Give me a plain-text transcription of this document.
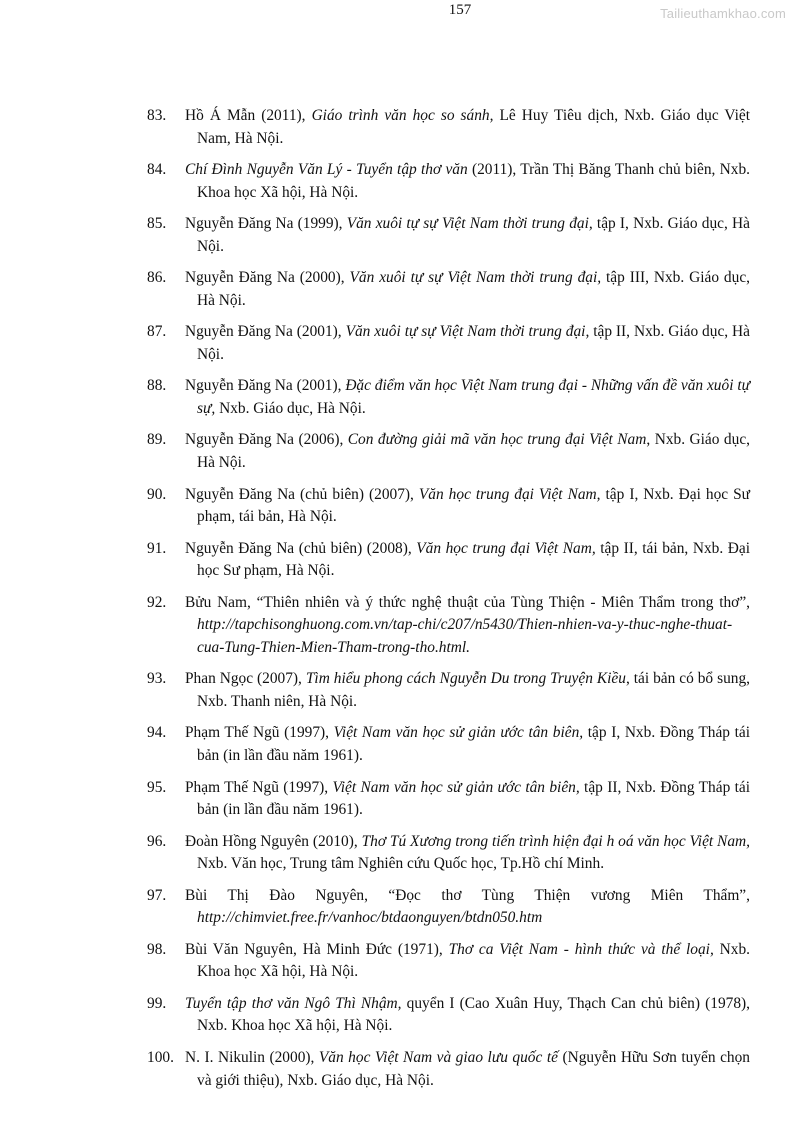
157	Tailieuthamkhao.com
83.	Hồ Á Mẫn (2011), Giáo trình văn học so sánh, Lê Huy Tiêu dịch, Nxb. Giáo dục Việt Nam, Hà Nội.
84.	Chí Đình Nguyễn Văn Lý - Tuyển tập thơ văn (2011), Trần Thị Băng Thanh chủ biên, Nxb. Khoa học Xã hội, Hà Nội.
85.	Nguyễn Đăng Na (1999), Văn xuôi tự sự Việt Nam thời trung đại, tập I, Nxb. Giáo dục, Hà Nội.
86.	Nguyễn Đăng Na (2000), Văn xuôi tự sự Việt Nam thời trung đại, tập III, Nxb. Giáo dục, Hà Nội.
87.	Nguyễn Đăng Na (2001), Văn xuôi tự sự Việt Nam thời trung đại, tập II, Nxb. Giáo dục, Hà Nội.
88.	Nguyễn Đăng Na (2001), Đặc điểm văn học Việt Nam trung đại - Những vấn đề văn xuôi tự sự, Nxb. Giáo dục, Hà Nội.
89.	Nguyễn Đăng Na (2006), Con đường giải mã văn học trung đại Việt Nam, Nxb. Giáo dục, Hà Nội.
90.	Nguyễn Đăng Na (chủ biên) (2007), Văn học trung đại Việt Nam, tập I, Nxb. Đại học Sư phạm, tái bản, Hà Nội.
91.	Nguyễn Đăng Na (chủ biên) (2008), Văn học trung đại Việt Nam, tập II, tái bản, Nxb. Đại học Sư phạm, Hà Nội.
92.	Bửu Nam, “Thiên nhiên và ý thức nghệ thuật của Tùng Thiện - Miên Thẩm trong thơ”, http://tapchisonghuong.com.vn/tap-chi/c207/n5430/Thien-nhien-va-y-thuc-nghe-thuat-cua-Tung-Thien-Mien-Tham-trong-tho.html.
93.	Phan Ngọc (2007), Tìm hiểu phong cách Nguyễn Du trong Truyện Kiều, tái bản có bổ sung, Nxb. Thanh niên, Hà Nội.
94.	Phạm Thế Ngũ (1997), Việt Nam văn học sử giản ước tân biên, tập I, Nxb. Đồng Tháp tái bản (in lần đầu năm 1961).
95.	Phạm Thế Ngũ (1997), Việt Nam văn học sử giản ước tân biên, tập II, Nxb. Đồng Tháp tái bản (in lần đầu năm 1961).
96.	Đoàn Hồng Nguyên (2010), Thơ Tú Xương trong tiến trình hiện đại h oá văn học Việt Nam, Nxb. Văn học, Trung tâm Nghiên cứu Quốc học, Tp.Hồ chí Minh.
97.	Bùi Thị Đào Nguyên, “Đọc thơ Tùng Thiện vương Miên Thẩm”, http://chimviet.free.fr/vanhoc/btdaonguyen/btdn050.htm
98.	Bùi Văn Nguyên, Hà Minh Đức (1971), Thơ ca Việt Nam - hình thức và thể loại, Nxb. Khoa học Xã hội, Hà Nội.
99.	Tuyển tập thơ văn Ngô Thì Nhậm, quyển I (Cao Xuân Huy, Thạch Can chủ biên) (1978), Nxb. Khoa học Xã hội, Hà Nội.
100. N. I. Nikulin (2000), Văn học Việt Nam và giao lưu quốc tế (Nguyễn Hữu Sơn tuyển chọn và giới thiệu), Nxb. Giáo dục, Hà Nội.
